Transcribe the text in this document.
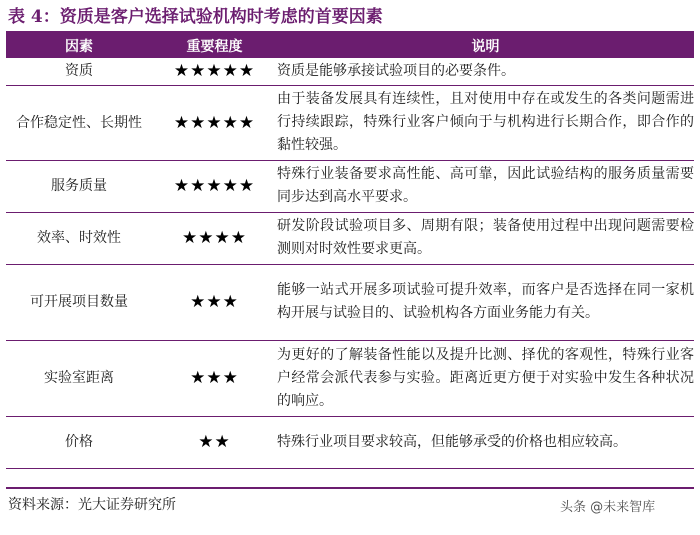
表 4：资质是客户选择试验机构时考虑的首要因素
因素	重要程度	说明
资质	★★★★★	资质是能够承接试验项目的必要条件。
合作稳定性、长期性	★★★★★	由于装备发展具有连续性，且对使用中存在或发生的各类问题需进行持续跟踪，特殊行业客户倾向于与机构进行长期合作，即合作的黏性较强。
服务质量	★★★★★	特殊行业装备要求高性能、高可靠，因此试验结构的服务质量需要同步达到高水平要求。
效率、时效性	★★★★	研发阶段试验项目多、周期有限；装备使用过程中出现问题需要检测则对时效性要求更高。
可开展项目数量	★★★	能够一站式开展多项试验可提升效率，而客户是否选择在同一家机构开展与试验目的、试验机构各方面业务能力有关。
实验室距离	★★★	为更好的了解装备性能以及提升比测、择优的客观性，特殊行业客户经常会派代表参与实验。距离近更方便于对实验中发生各种状况的响应。
价格	★★	特殊行业项目要求较高，但能够承受的价格也相应较高。
资料来源：光大证券研究所	头条 @未来智库
